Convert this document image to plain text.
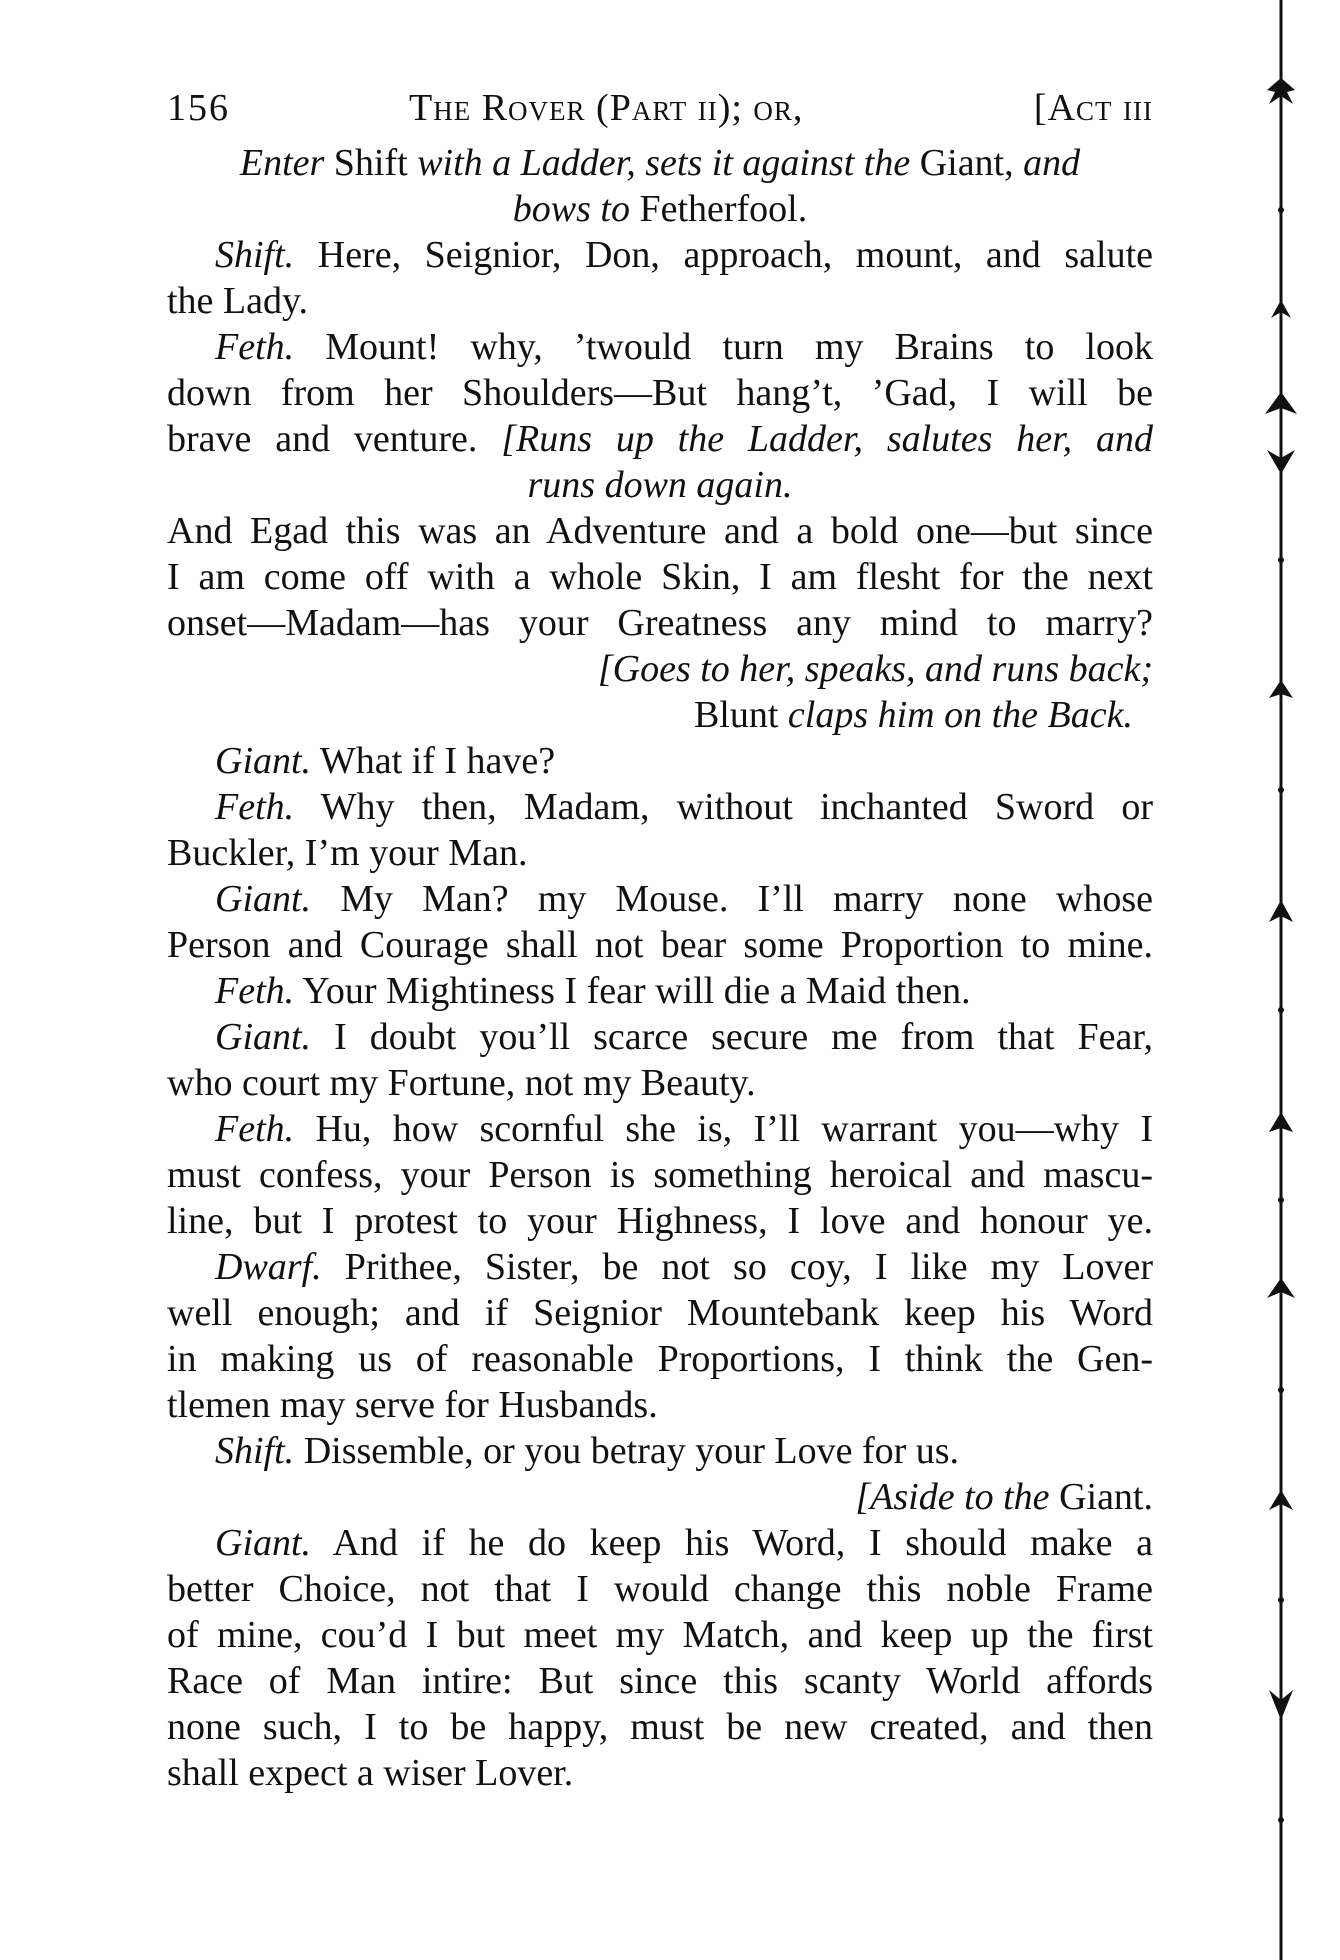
156	The Rover (Part ii); or,	[Act iii
Enter Shift with a Ladder, sets it against the Giant, and
bows to Fetherfool.
Shift. Here, Seignior, Don, approach, mount, and salute
the Lady.
Feth. Mount! why, ’twould turn my Brains to look
down from her Shoulders—But hang’t, ’Gad, I will be
brave and venture. [Runs up the Ladder, salutes her, and
runs down again.
And Egad this was an Adventure and a bold one—but since
I am come off with a whole Skin, I am flesht for the next
onset—Madam—has your Greatness any mind to marry?
[Goes to her, speaks, and runs back;
Blunt claps him on the Back.
Giant. What if I have?
Feth. Why then, Madam, without inchanted Sword or
Buckler, I’m your Man.
Giant. My Man? my Mouse. I’ll marry none whose
Person and Courage shall not bear some Proportion to mine.
Feth. Your Mightiness I fear will die a Maid then.
Giant. I doubt you’ll scarce secure me from that Fear,
who court my Fortune, not my Beauty.
Feth. Hu, how scornful she is, I’ll warrant you—why I
must confess, your Person is something heroical and mascu-
line, but I protest to your Highness, I love and honour ye.
Dwarf. Prithee, Sister, be not so coy, I like my Lover
well enough; and if Seignior Mountebank keep his Word
in making us of reasonable Proportions, I think the Gen-
tlemen may serve for Husbands.
Shift. Dissemble, or you betray your Love for us.
[Aside to the Giant.
Giant. And if he do keep his Word, I should make a
better Choice, not that I would change this noble Frame
of mine, cou’d I but meet my Match, and keep up the first
Race of Man intire: But since this scanty World affords
none such, I to be happy, must be new created, and then
shall expect a wiser Lover.
